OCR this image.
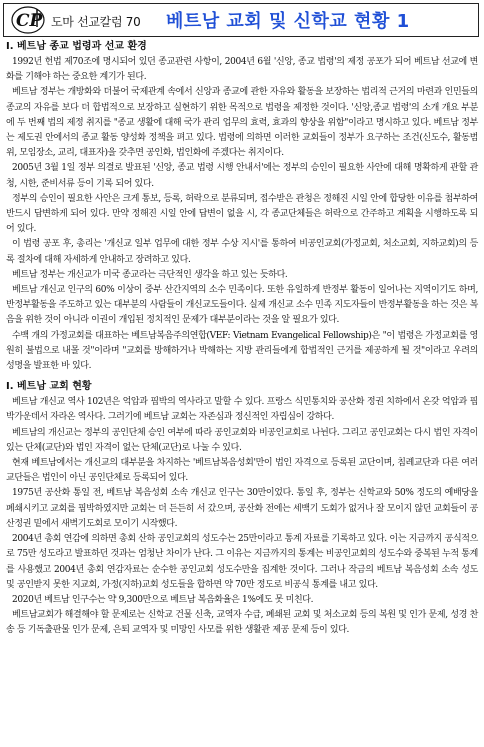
CP 도마 선교칼럼 70 베트남 교회 및 신학교 현황 1
I. 베트남 종교 법령과 선교 환경

1992년 헌법 제70조에 명시되어 있던 종교관련 사항이, 2004년 6월 '신앙, 종교 법령'의 제정 공포가 되어 베트남 선교에 변화를 기해야 하는 중요한 계기가 된다.

베트남 정부는 개방화와 더불어 국제관계 속에서 신앙과 종교에 관한 자유와 활동을 보장하는 법리적 근거의 마련과 인민들의 종교의 자유를 보다 더 합법적으로 보장하고 실현하기 위한 목적으로 법령을 제정한 것이다. '신앙,종교 법령'의 소개 개요 부분에 두 번째 법의 제정 취지를 "종교 생활에 대해 국가 관리 업무의 효력, 효과의 향상을 위함"이라고 명시하고 있다. 베트남 정부는 제도권 안에서의 종교 활동 양성화 정책을 펴고 있다. 법령에 의하면 이러한 교회들이 정부가 요구하는 조건(신도수, 활동범위, 모임장소, 교리, 대표자)을 갖추면 공인화, 법인화에 주겠다는 취지이다.

2005년 3월 1일 정부 의결로 발표된 '신앙, 종교 법령 시행 안내서'에는 정부의 승인이 필요한 사안에 대해 명확하게 관할 관청, 시한, 준비서류 등이 기록 되어 있다.

정부의 승인이 필요한 사안은 크게 통보, 등록, 허락으로 분류되며, 접수받은 관청은 정해진 시일 안에 합당한 이유를 첨부하여 반드시 답변하게 되어 있다. 만약 정해진 시일 안에 답변이 없을 시, 각 종교단체들은 허락으로 간주하고 계획을 시행하도록 되어 있다.

이 법령 공포 후, 총리는 '개신교 일부 업무에 대한 정부 수상 지시'를 통하여 비공인교회(가정교회, 처소교회, 지하교회)의 등록 절차에 대해 자세하게 안내하고 장려하고 있다.

베트남 정부는 개신교가 미국 종교라는 극단적인 생각을 하고 있는 듯하다.

베트남 개신교 인구의 60% 이상이 중부 산간지역의 소수 민족이다. 또한 유일하게 반정부 활동이 일어나는 지역이기도 하며, 반정부활동을 주도하고 있는 대부분의 사람들이 개신교도들이다. 실제 개신교 소수 민족 지도자들이 반정부활동을 하는 것은 복음을 위한 것이 아니라 이권이 개입된 정치적인 문제가 대부분이라는 것을 알 필요가 있다.

수백 개의 가정교회를 대표하는 베트남복음주의연합(VEF: Vietnam Evangelical Fellowship)은 "이 법령은 가정교회를 영원히 불법으로 내몰 것"이라며 "교회를 방해하거나 박해하는 지방 관리들에게 합법적인 근거를 제공하게 될 것"이라고 우려의 성명을 발표한 바 있다.

I. 베트남 교회 현황

베트남 개신교 역사 102년은 억압과 핍박의 역사라고 말할 수 있다. 프랑스 식민통치와 공산화 정권 치하에서 온갖 억압과 핍박가운데서 자라온 역사다. 그러기에 베트남 교회는 자존심과 정신적인 자립심이 강하다.

베트남의 개신교는 정부의 공인단체 승인 여부에 따라 공인교회와 비공인교회로 나뉜다. 그리고 공인교회는 다시 법인 자격이 있는 단체(교단)와 법인 자격이 없는 단체(교단)로 나눌 수 있다.

현재 베트남에서는 개신교의 대부분을 차지하는 '베트남복음성회'만이 법인 자격으로 등록된 교단이며, 침례교단과 다른 여러 교단들은 법인이 아닌 공인단체로 등록되어 있다.

1975년 공산화 통일 전, 베트남 복음성회 소속 개신교 인구는 30만이었다. 통일 후, 정부는 신학교와 50% 정도의 예배당을 폐쇄시키고 교회를 핍박하였지만 교회는 더 든든히 서 갔으며, 공산화 전에는 세백기 도회가 없거나 잘 모이지 않던 교회들이 공산정권 밑에서 새벽기도회로 모이기 시작했다.

2004년 총회 연감에 의하면 총회 산하 공인교회의 성도수는 25만이라고 통계 자료를 기록하고 있다. 이는 지금까지 공식적으로 75만 성도라고 발표하던 것과는 엄청난 차이가 난다. 그 이유는 지금까지의 통계는 비공인교회의 성도수와 중복된 누적 통계를 사용했고 2004년 총회 연감자료는 순수한 공인교회 성도수만을 집계한 것이다. 그러나 작금의 베트남 복음성회 소속 성도 및 공인받지 못한 지교회, 가정(지하)교회 성도들을 합하면 약 70만 정도로 비공식 통계를 내고 있다.

2020년 베트남 인구수는 약 9,300만으로 베트남 복음화율은 1%에도 못 미친다.

베트남교회가 해결해야 할 문제로는 신학교 건물 신축, 교역자 수급, 폐쇄된 교회 및 처소교회 등의 복원 및 인가 문제, 성경 찬송 등 기독출판물 인가 문제, 은퇴 교역자 및 미망인 사모를 위한 생활관 제공 문제 등이 있다.
